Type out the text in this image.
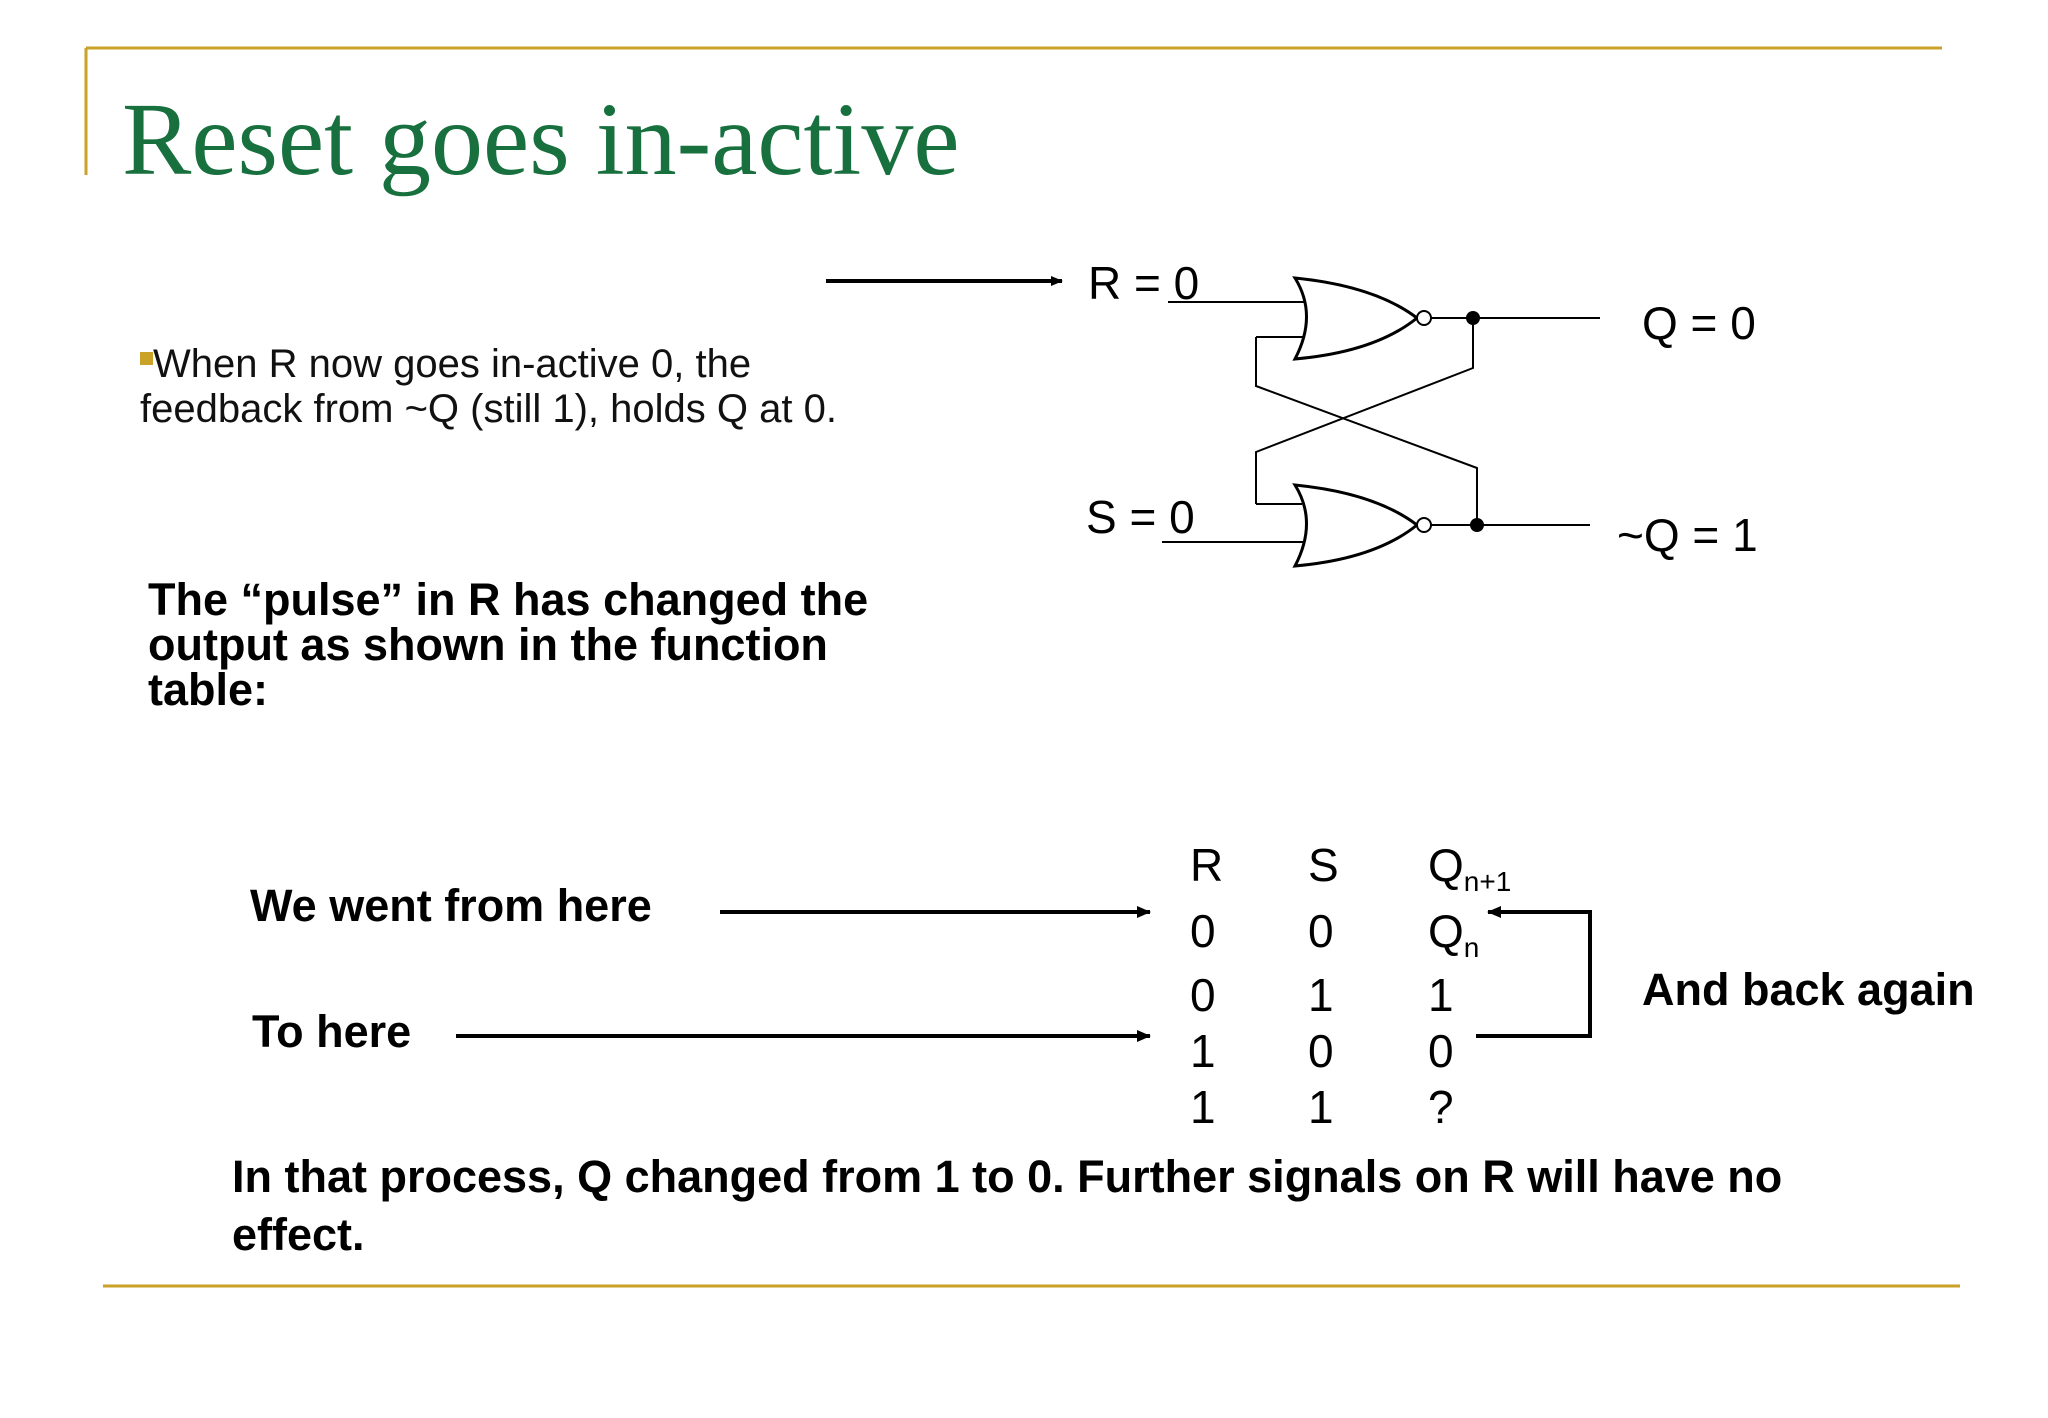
Reset goes in-active
When R now goes in-active 0, the feedback from ~Q (still 1), holds Q at 0.
The “pulse” in R has changed the output as shown in the function table:
R = 0
S = 0
Q = 0
~Q = 1
R S $Q_{n+1}$
0 0 $Q_n$
0 1 1
1 0 0
1 1 ?
We went from here
To here
And back again
In that process, Q changed from 1 to 0. Further signals on R will have no effect.
